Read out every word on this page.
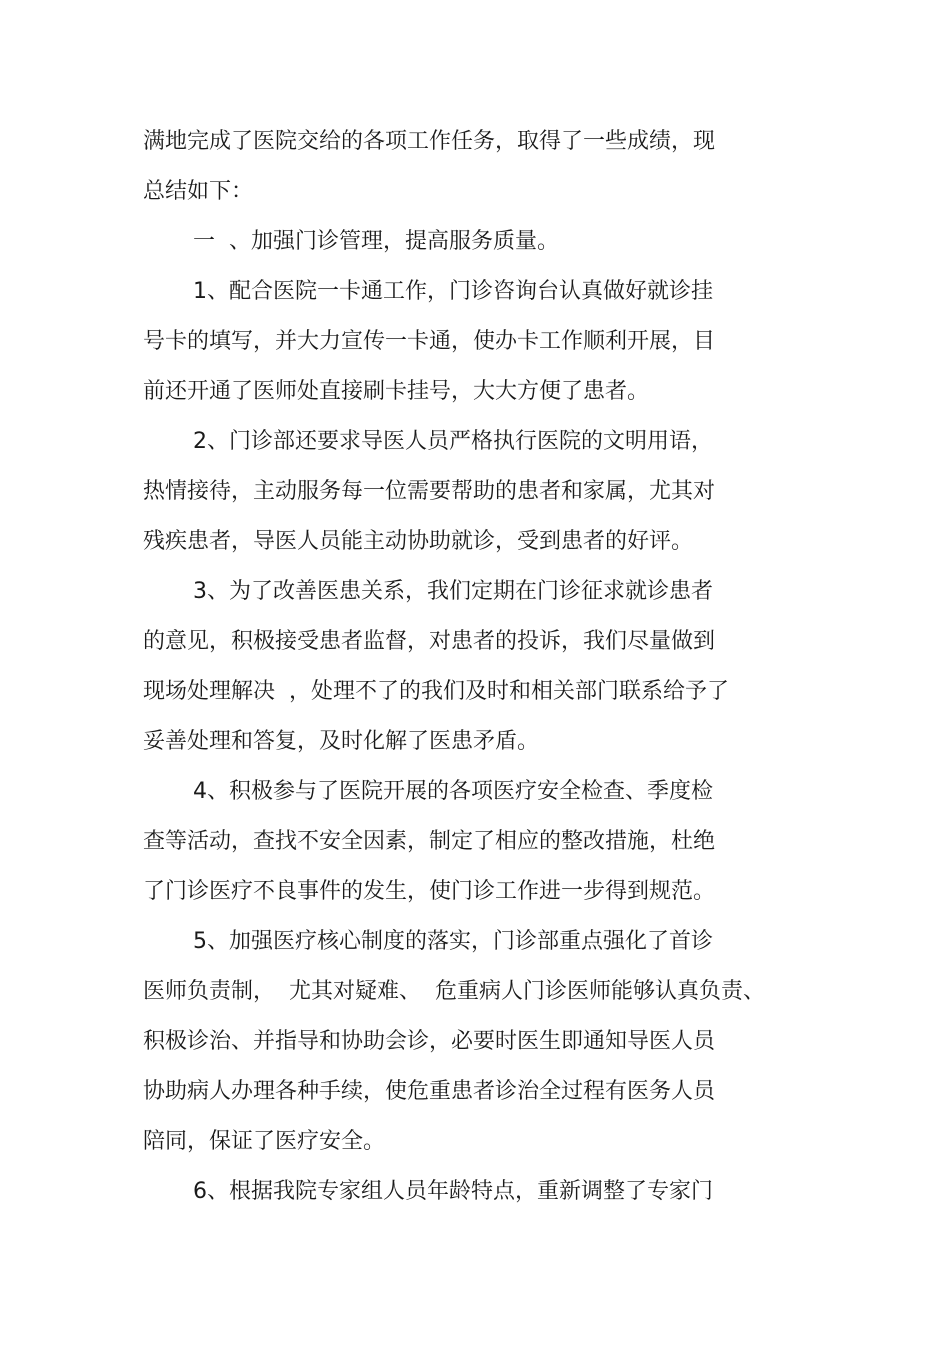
满地完成了医院交给的各项工作任务，取得了一些成绩，现
总结如下：
一  、加强门诊管理，提高服务质量。
1、配合医院一卡通工作，门诊咨询台认真做好就诊挂
号卡的填写，并大力宣传一卡通，使办卡工作顺利开展，目
前还开通了医师处直接刷卡挂号，大大方便了患者。
2、门诊部还要求导医人员严格执行医院的文明用语，
热情接待，主动服务每一位需要帮助的患者和家属，尤其对
残疾患者，导医人员能主动协助就诊，受到患者的好评。
3、为了改善医患关系，我们定期在门诊征求就诊患者
的意见，积极接受患者监督，对患者的投诉，我们尽量做到
现场处理解决  ，处理不了的我们及时和相关部门联系给予了
妥善处理和答复，及时化解了医患矛盾。
4、积极参与了医院开展的各项医疗安全检查、季度检
查等活动，查找不安全因素，制定了相应的整改措施，杜绝
了门诊医疗不良事件的发生，使门诊工作进一步得到规范。
5、加强医疗核心制度的落实，门诊部重点强化了首诊
医师负责制，  尤其对疑难、  危重病人门诊医师能够认真负责、
积极诊治、并指导和协助会诊，必要时医生即通知导医人员
协助病人办理各种手续，使危重患者诊治全过程有医务人员
陪同，保证了医疗安全。
6、根据我院专家组人员年龄特点，重新调整了专家门
